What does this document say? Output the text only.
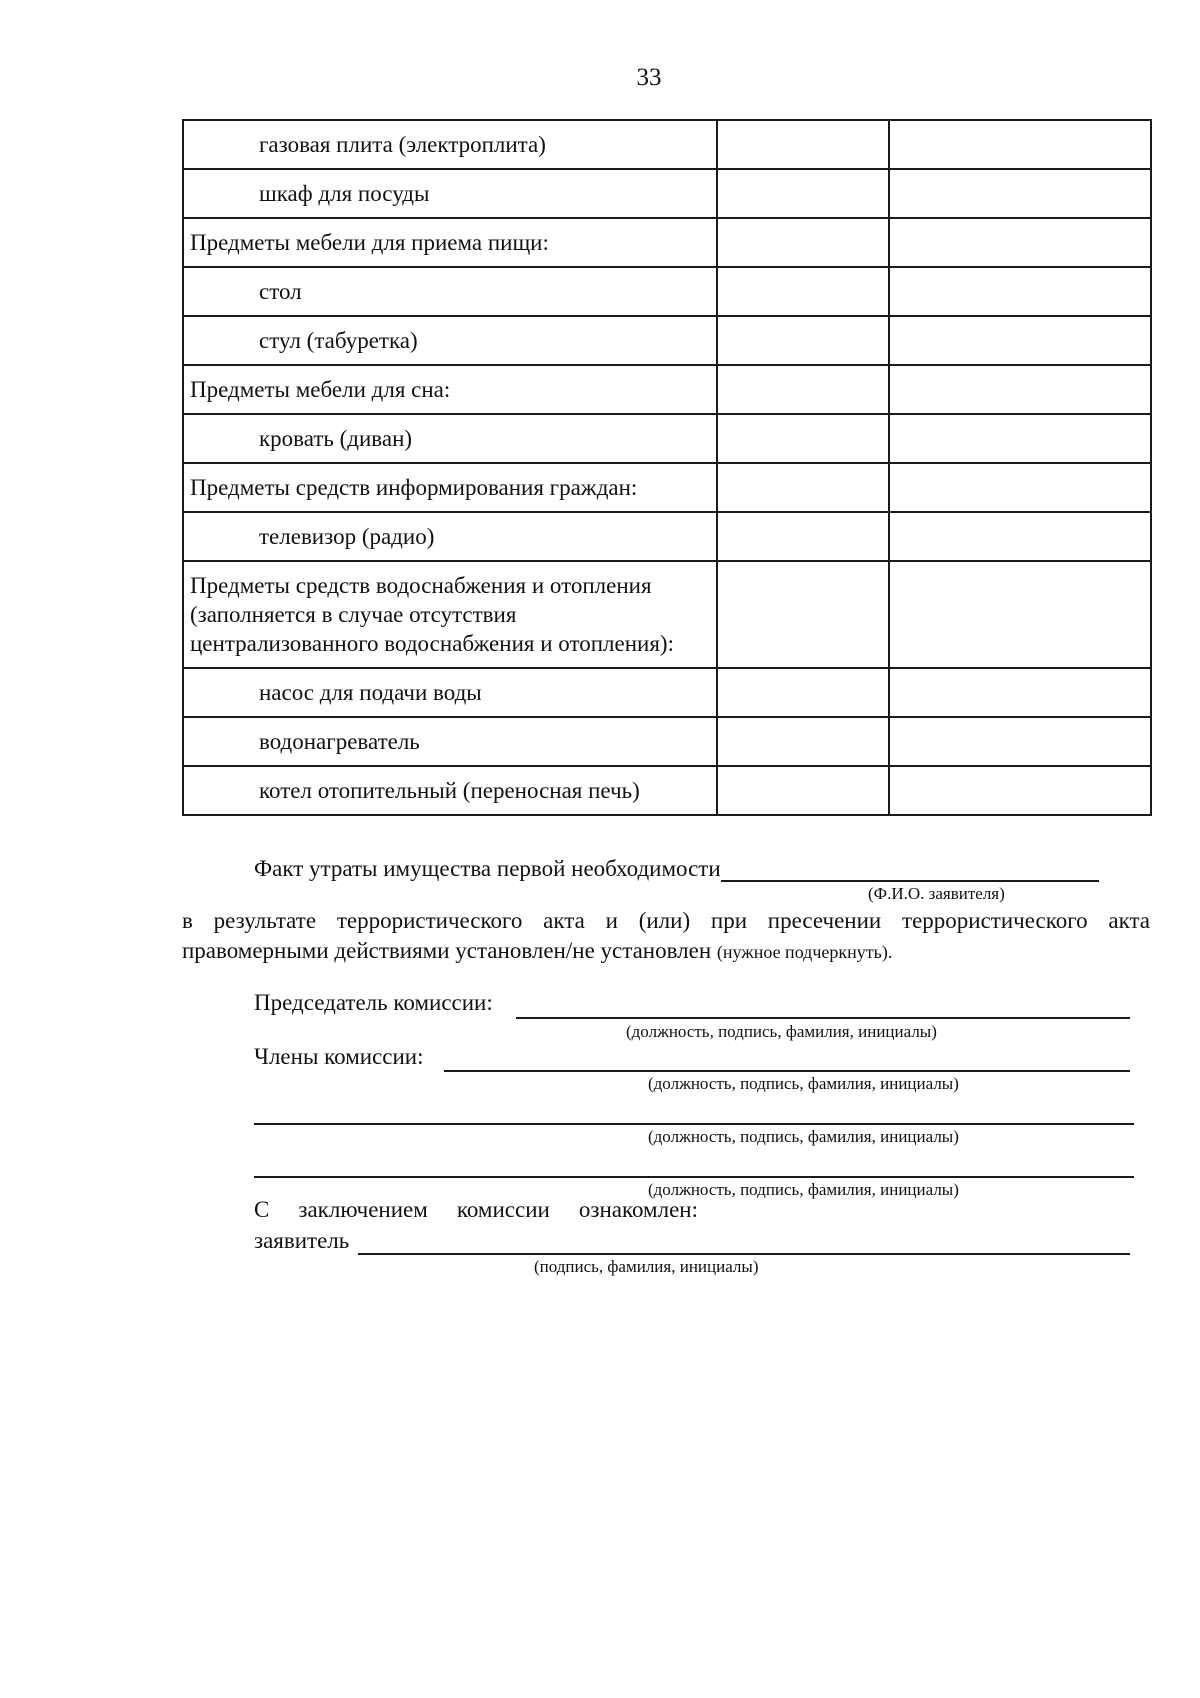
33
газовая плита (электроплита)		
шкаф для посуды		
Предметы мебели для приема пищи:		
стол		
стул (табуретка)		
Предметы мебели для сна:		
кровать (диван)		
Предметы средств информирования граждан:		
телевизор (радио)		
Предметы средств водоснабжения и отопления (заполняется в случае отсутствия централизованного водоснабжения и отопления):		
насос для подачи воды		
водонагреватель		
котел отопительный (переносная печь)		
Факт утраты имущества первой необходимости
(Ф.И.О. заявителя)
в результате террористического акта и (или) при пресечении террористического акта правомерными действиями установлен/не установлен (нужное подчеркнуть).
Председатель комиссии:
(должность, подпись, фамилия, инициалы)
Члены комиссии:
(должность, подпись, фамилия, инициалы)
(должность, подпись, фамилия, инициалы)
(должность, подпись, фамилия, инициалы)
С заключением комиссии ознакомлен:
заявитель
(подпись, фамилия, инициалы)
